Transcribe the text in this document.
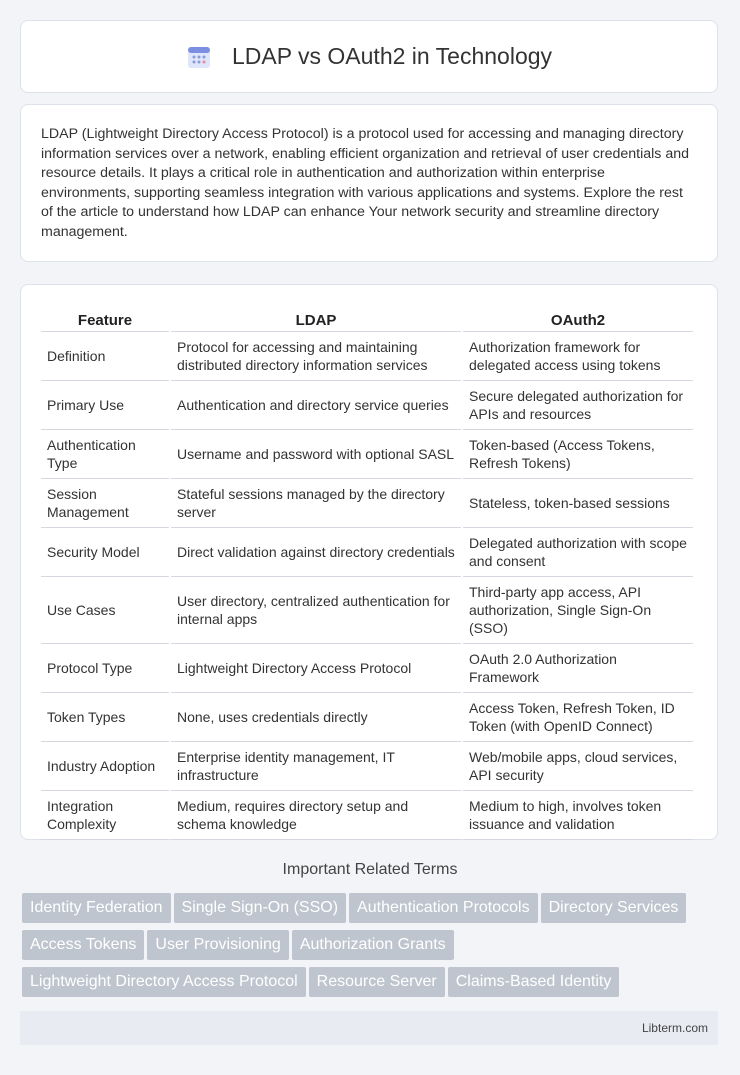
LDAP vs OAuth2 in Technology

LDAP (Lightweight Directory Access Protocol) is a protocol used for accessing and managing directory information services over a network, enabling efficient organization and retrieval of user credentials and resource details. It plays a critical role in authentication and authorization within enterprise environments, supporting seamless integration with various applications and systems. Explore the rest of the article to understand how LDAP can enhance Your network security and streamline directory management.

Feature	LDAP	OAuth2
Definition	Protocol for accessing and maintaining distributed directory information services	Authorization framework for delegated access using tokens
Primary Use	Authentication and directory service queries	Secure delegated authorization for APIs and resources
Authentication Type	Username and password with optional SASL	Token-based (Access Tokens, Refresh Tokens)
Session Management	Stateful sessions managed by the directory server	Stateless, token-based sessions
Security Model	Direct validation against directory credentials	Delegated authorization with scope and consent
Use Cases	User directory, centralized authentication for internal apps	Third-party app access, API authorization, Single Sign-On (SSO)
Protocol Type	Lightweight Directory Access Protocol	OAuth 2.0 Authorization Framework
Token Types	None, uses credentials directly	Access Token, Refresh Token, ID Token (with OpenID Connect)
Industry Adoption	Enterprise identity management, IT infrastructure	Web/mobile apps, cloud services, API security
Integration Complexity	Medium, requires directory setup and schema knowledge	Medium to high, involves token issuance and validation
Important Related Terms
Identity Federation Single Sign-On (SSO) Authentication Protocols Directory ServicesAccess Tokens User Provisioning Authorization GrantsLightweight Directory Access Protocol Resource Server Claims-Based Identity
Libterm.com
